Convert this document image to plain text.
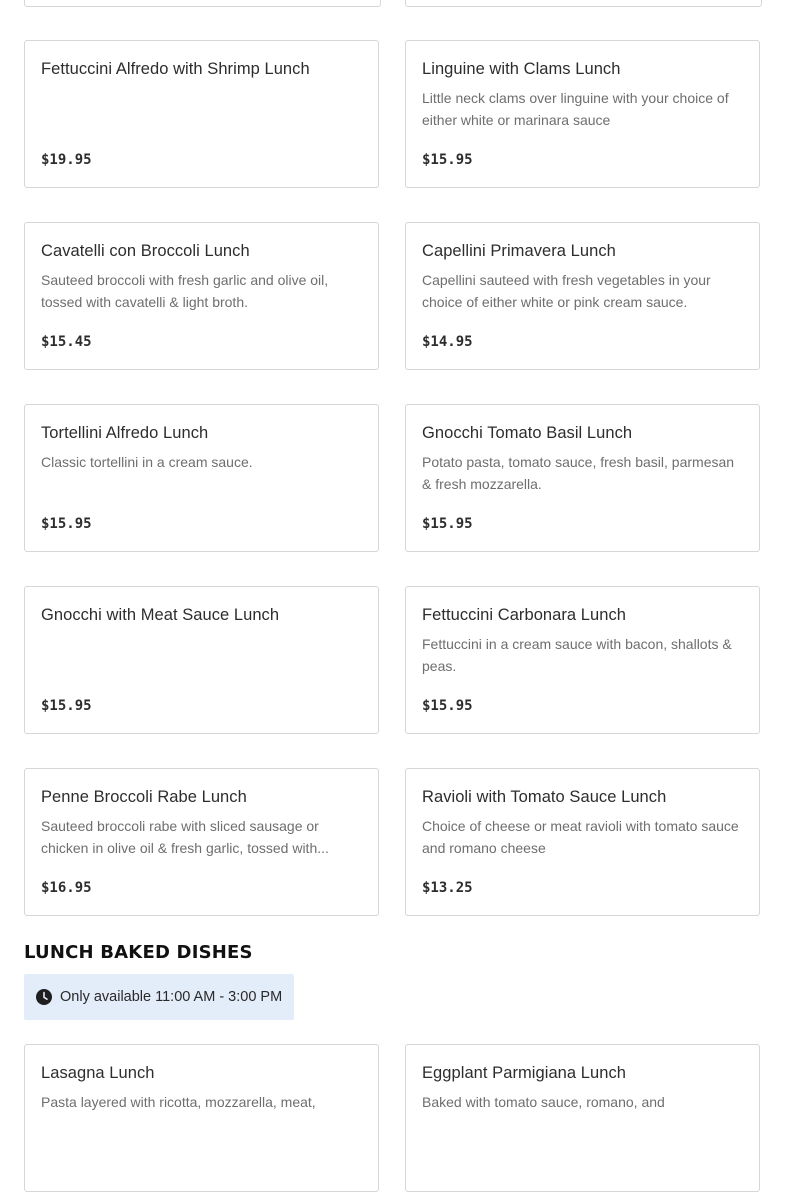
Fettuccini Alfredo with Shrimp Lunch
$19.95
Linguine with Clams Lunch
Little neck clams over linguine with your choice of either white or marinara sauce
$15.95
Cavatelli con Broccoli Lunch
Sauteed broccoli with fresh garlic and olive oil, tossed with cavatelli & light broth.
$15.45
Capellini Primavera Lunch
Capellini sauteed with fresh vegetables in your choice of either white or pink cream sauce.
$14.95
Tortellini Alfredo Lunch
Classic tortellini in a cream sauce.
$15.95
Gnocchi Tomato Basil Lunch
Potato pasta, tomato sauce, fresh basil, parmesan & fresh mozzarella.
$15.95
Gnocchi with Meat Sauce Lunch
$15.95
Fettuccini Carbonara Lunch
Fettuccini in a cream sauce with bacon, shallots & peas.
$15.95
Penne Broccoli Rabe Lunch
Sauteed broccoli rabe with sliced sausage or chicken in olive oil & fresh garlic, tossed with...
$16.95
Ravioli with Tomato Sauce Lunch
Choice of cheese or meat ravioli with tomato sauce and romano cheese
$13.25
LUNCH BAKED DISHES
Only available 11:00 AM - 3:00 PM
Lasagna Lunch
Pasta layered with ricotta, mozzarella, meat,
Eggplant Parmigiana Lunch
Baked with tomato sauce, romano, and
